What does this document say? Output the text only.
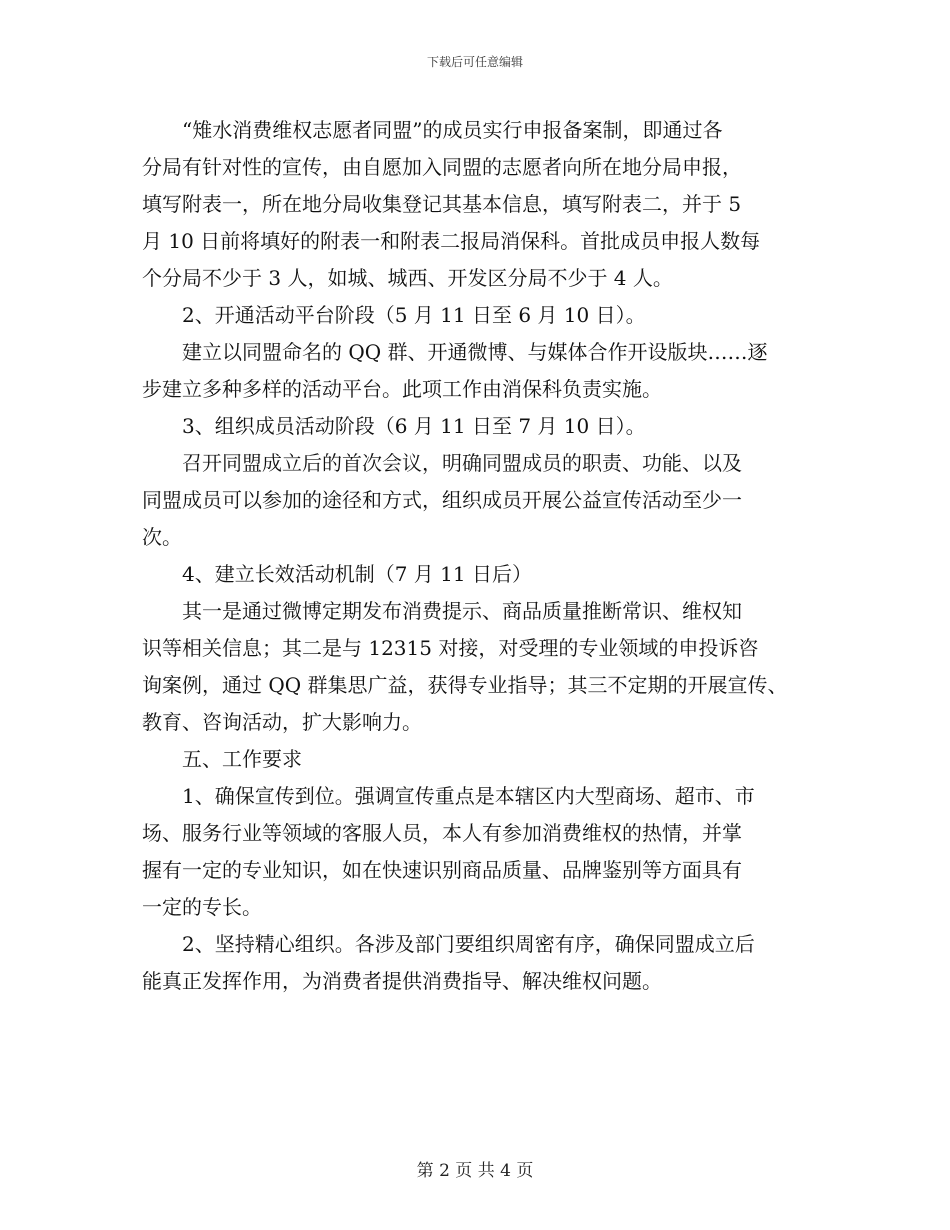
下载后可任意编辑
　　“雉水消费维权志愿者同盟”的成员实行申报备案制，即通过各
分局有针对性的宣传，由自愿加入同盟的志愿者向所在地分局申报，
填写附表一，所在地分局收集登记其基本信息，填写附表二，并于 5
月 10 日前将填好的附表一和附表二报局消保科。首批成员申报人数每
个分局不少于 3 人，如城、城西、开发区分局不少于 4 人。
　　2、开通活动平台阶段（5 月 11 日至 6 月 10 日）。
　　建立以同盟命名的 QQ 群、开通微博、与媒体合作开设版块……逐
步建立多种多样的活动平台。此项工作由消保科负责实施。
　　3、组织成员活动阶段（6 月 11 日至 7 月 10 日）。
　　召开同盟成立后的首次会议，明确同盟成员的职责、功能、以及
同盟成员可以参加的途径和方式，组织成员开展公益宣传活动至少一
次。
　　4、建立长效活动机制（7 月 11 日后）
　　其一是通过微博定期发布消费提示、商品质量推断常识、维权知
识等相关信息；其二是与 12315 对接，对受理的专业领域的申投诉咨
询案例，通过 QQ 群集思广益，获得专业指导；其三不定期的开展宣传、
教育、咨询活动，扩大影响力。
　　五、工作要求
　　1、确保宣传到位。强调宣传重点是本辖区内大型商场、超市、市
场、服务行业等领域的客服人员，本人有参加消费维权的热情，并掌
握有一定的专业知识，如在快速识别商品质量、品牌鉴别等方面具有
一定的专长。
　　2、坚持精心组织。各涉及部门要组织周密有序，确保同盟成立后
能真正发挥作用，为消费者提供消费指导、解决维权问题。
第 2 页 共 4 页
